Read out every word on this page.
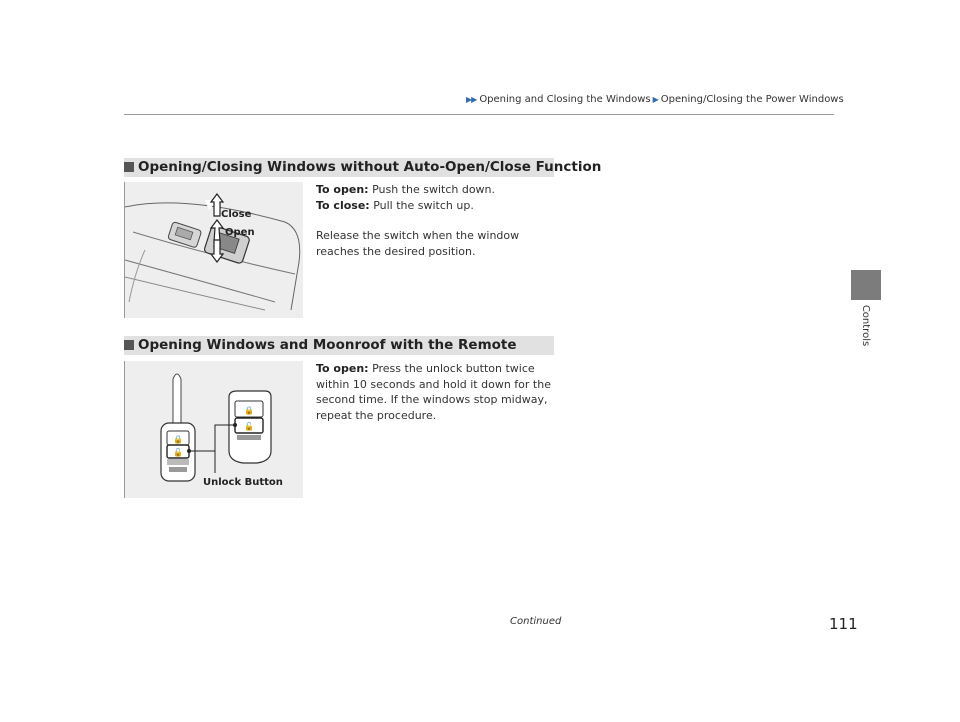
▶▶ Opening and Closing the Windows ▶ Opening/Closing the Power Windows
Controls
Opening/Closing Windows without Auto-Open/Close Function
Close
Open

To open: Push the switch down.

To close: Pull the switch up.

Release the switch when the window reaches the desired position.

Opening Windows and Moonroof with the Remote
🔒
🔓
🔒
🔓
Unlock Button

To open: Press the unlock button twice within 10 seconds and hold it down for the second time. If the windows stop midway, repeat the procedure.

Continued	111
